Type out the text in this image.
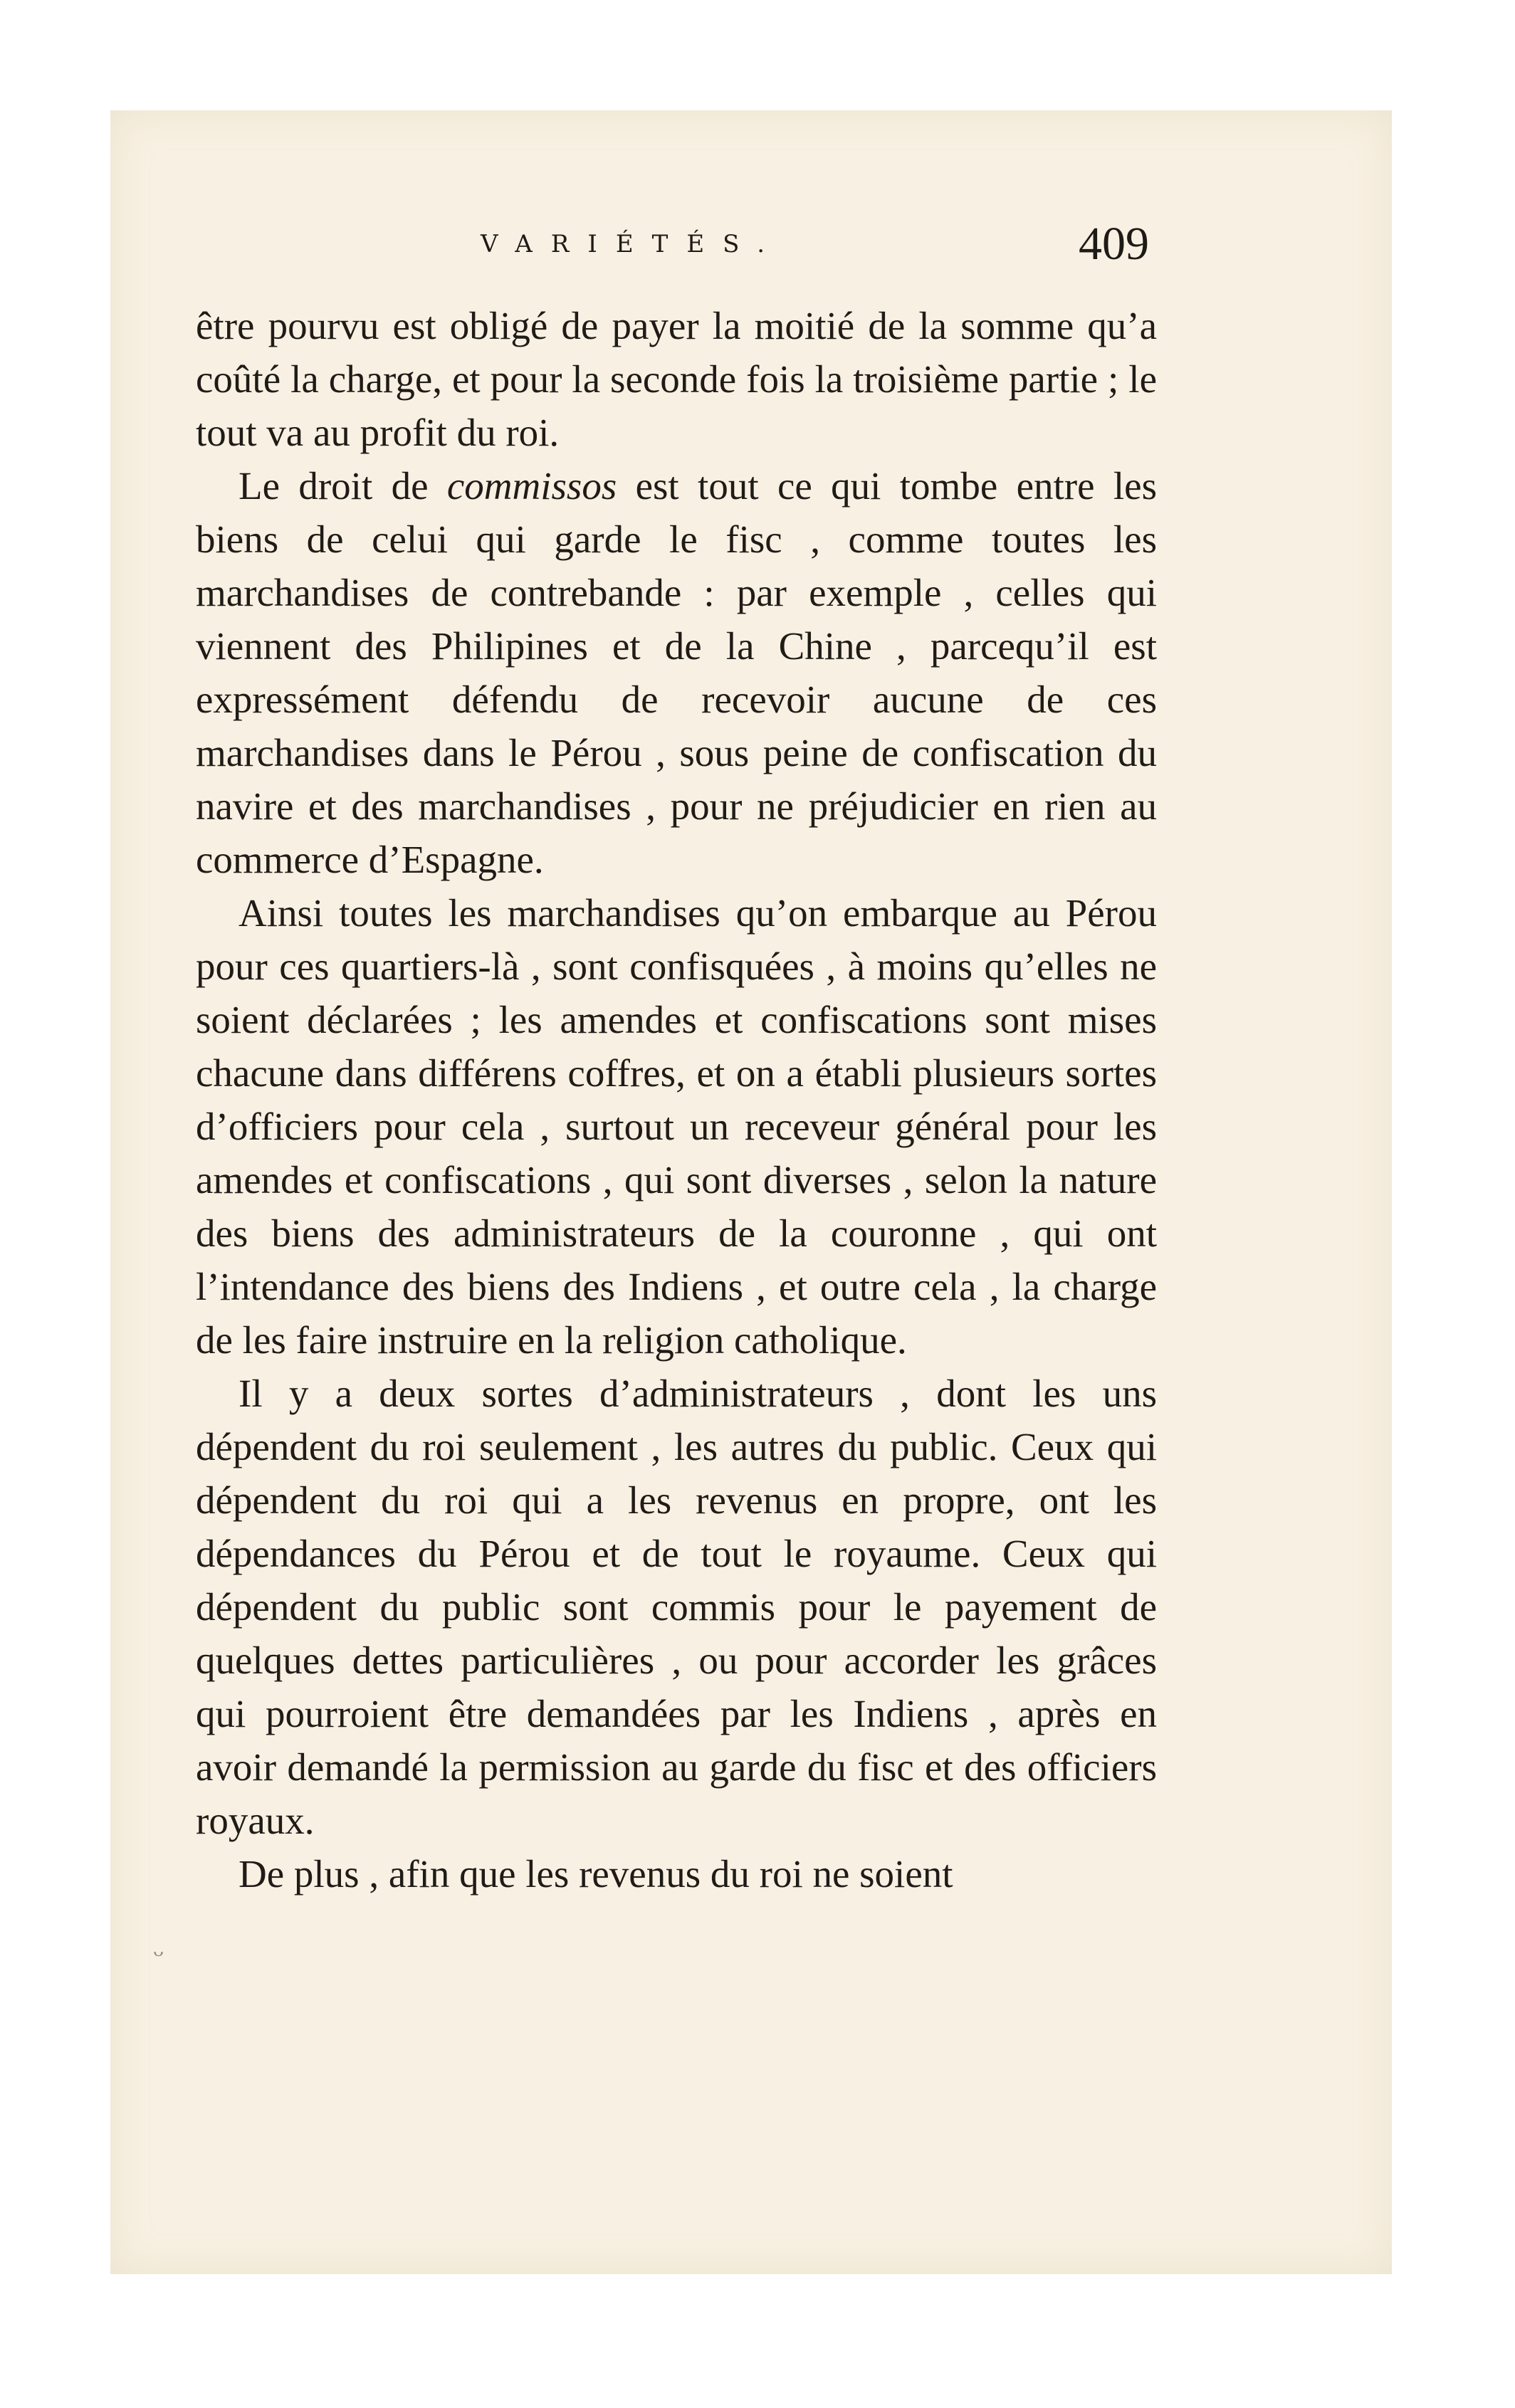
VARIÉTÉS.	409

être pourvu est obligé de payer la moitié de la somme qu’a coûté la charge, et pour la seconde fois la troisième partie ; le tout va au profit du roi.

Le droit de commissos est tout ce qui tombe entre les biens de celui qui garde le fisc , comme toutes les marchandises de contrebande : par exemple , celles qui viennent des Philipines et de la Chine , parcequ’il est expressément défendu de recevoir aucune de ces marchandises dans le Pérou , sous peine de confiscation du navire et des marchandises , pour ne préjudicier en rien au commerce d’Espagne.

Ainsi toutes les marchandises qu’on embarque au Pérou pour ces quartiers-là , sont confisquées , à moins qu’elles ne soient déclarées ; les amendes et confiscations sont mises chacune dans différens coffres, et on a établi plusieurs sortes d’officiers pour cela , surtout un receveur général pour les amendes et confiscations , qui sont diverses , selon la nature des biens des administrateurs de la couronne , qui ont l’intendance des biens des Indiens , et outre cela , la charge de les faire instruire en la religion catholique.

Il y a deux sortes d’administrateurs , dont les uns dépendent du roi seulement , les autres du public. Ceux qui dépendent du roi qui a les revenus en propre, ont les dépendances du Pérou et de tout le royaume. Ceux qui dépendent du public sont commis pour le payement de quelques dettes particulières , ou pour accorder les grâces qui pourroient être demandées par les Indiens , après en avoir demandé la permission au garde du fisc et des officiers royaux.

De plus , afin que les revenus du roi ne soient

ᵕ
